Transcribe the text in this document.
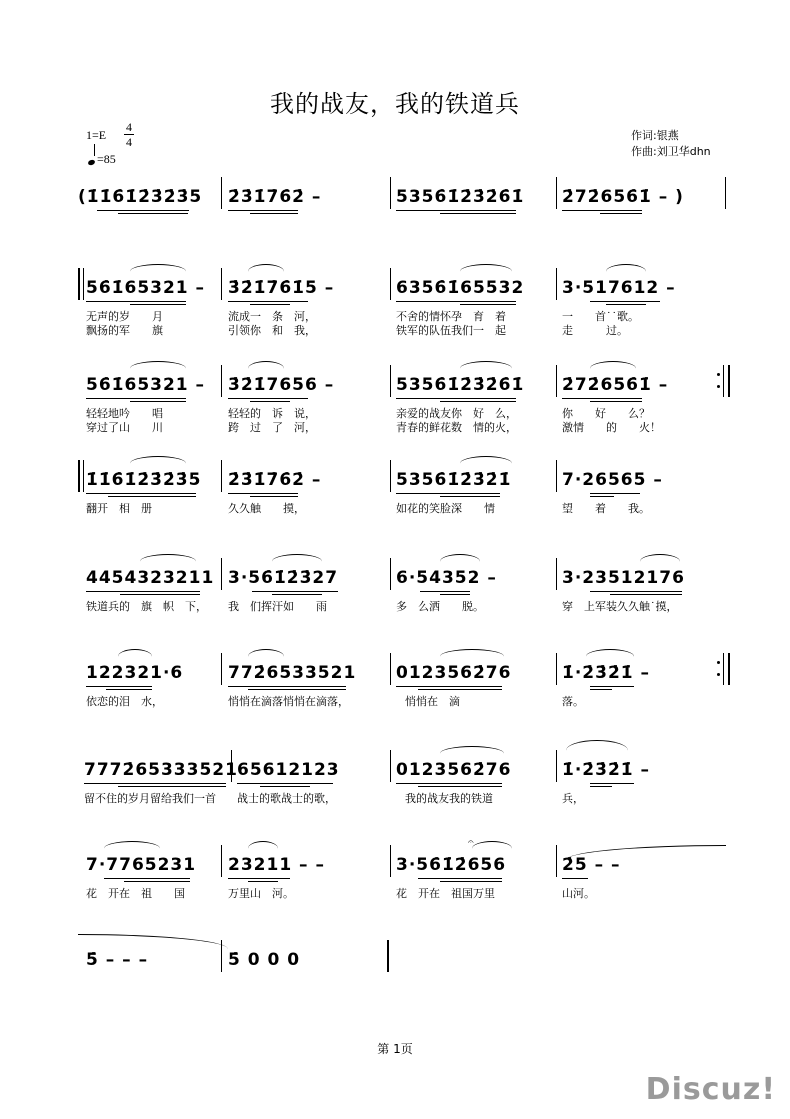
我的战友，我的铁道兵
1=E
4
4
=85
作词:银燕
作曲:刘卫华dhn
(1̇1̇6̇1̇2̇3̇2̇3̇5 2̇3̇1̇7̇6̇2̇ –	5356̇1̇2̇3̇2̇6̇1̇ 2̇72̇656̇1̇ – )
56̇1̇65321 – 3̇2̇1̇7̇6̇1̇5 –	6356̇1̇65532 3·517612 –
无声的岁　　月	流成一　条　河，	不舍的情怀孕　育　着	一　　首˙˙歌。
飘扬的军　　旗	引领你　和　我，	铁军的队伍我们一　起	走　　　过。
56̇1̇65321 – 3̇2̇1̇7656 –	5356̇1̇2̇3̇2̇6̇1̇ 2̇72̇656̇1̇ –
轻轻地吟　　唱	轻轻的　诉　说，	亲爱的战友你　好　么，	你　　好　　么？
穿过了山　　川	跨　过　了　河，	青春的鲜花数　情的火，	激情　　的　　火！
1̇1̇6̇1̇2̇3̇2̇3̇5 2̇3̇1̇7̇6̇2̇ –	5356̇1̇2̇3̇2̇1̇	7·26565 –
翻开　相　册	久久触　　摸，	如花的笑脸深　　情	望　　着　　我。
4454323211 3·56̇1̇2̇3̇27	6·54352 –	3·23512176
铁道兵的　旗　帜　下， 我　们挥汗如　　雨	多　么洒　　脱。	穿　上军装久久触˙摸，
122321·6	772̇6533521 0123562̇76	1̇·2̇3̇2̇1̇ –
依恋的泪　水，	悄悄在滴落悄悄在滴落，	悄悄在　滴	落。
7772̇65333521 65612123	0123562̇76	1̇·2̇3̇2̇1̇ –
留不住的岁月留给我们一首 战士的歌战士的歌，	我的战友我的铁道	兵，
𝄐
7·7765231 23211 – –	3·56̇1̇2̇656	2̇5 – –
花　开在　祖　　国	万里山　河。	花　开在　祖国万里	山河。
5̇ – – –	5̇ 0 0 0
第 1页
Discuz!
